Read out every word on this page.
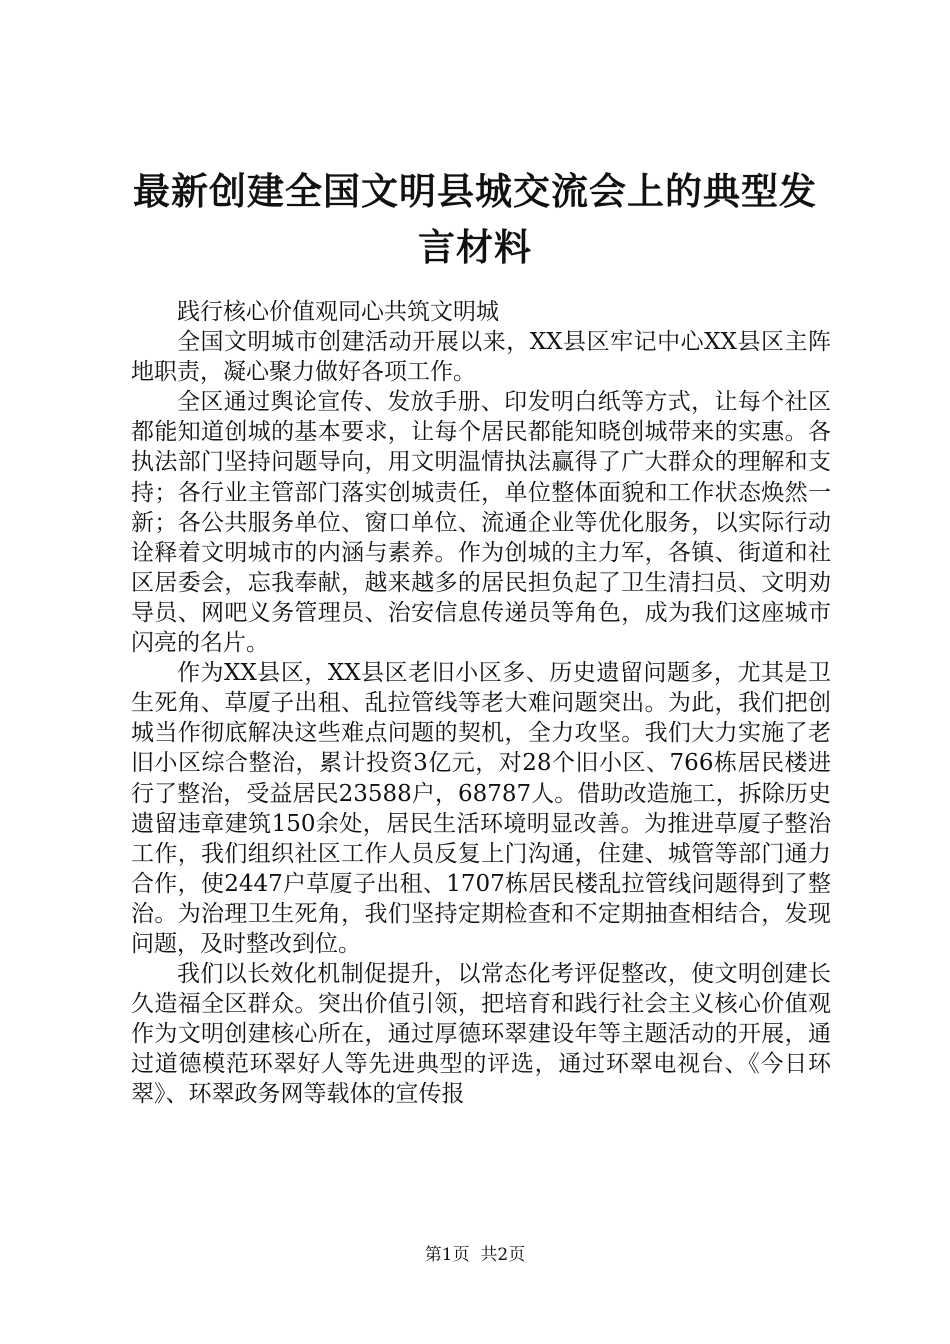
最新创建全国文明县城交流会上的典型发言材料

践行核心价值观同心共筑文明城

全国文明城市创建活动开展以来，XX县区牢记中心XX县区主阵地职责，凝心聚力做好各项工作。

全区通过舆论宣传、发放手册、印发明白纸等方式，让每个社区都能知道创城的基本要求，让每个居民都能知晓创城带来的实惠。各执法部门坚持问题导向，用文明温情执法赢得了广大群众的理解和支持；各行业主管部门落实创城责任，单位整体面貌和工作状态焕然一新；各公共服务单位、窗口单位、流通企业等优化服务，以实际行动诠释着文明城市的内涵与素养。作为创城的主力军，各镇、街道和社区居委会，忘我奉献，越来越多的居民担负起了卫生清扫员、文明劝导员、网吧义务管理员、治安信息传递员等角色，成为我们这座城市闪亮的名片。

作为XX县区，XX县区老旧小区多、历史遗留问题多，尤其是卫生死角、草厦子出租、乱拉管线等老大难问题突出。为此，我们把创城当作彻底解决这些难点问题的契机，全力攻坚。我们大力实施了老旧小区综合整治，累计投资3亿元，对28个旧小区、766栋居民楼进行了整治，受益居民23588户，68787人。借助改造施工，拆除历史遗留违章建筑150余处，居民生活环境明显改善。为推进草厦子整治工作，我们组织社区工作人员反复上门沟通，住建、城管等部门通力合作，使2447户草厦子出租、1707栋居民楼乱拉管线问题得到了整治。为治理卫生死角，我们坚持定期检查和不定期抽查相结合，发现问题，及时整改到位。

我们以长效化机制促提升，以常态化考评促整改，使文明创建长久造福全区群众。突出价值引领，把培育和践行社会主义核心价值观作为文明创建核心所在，通过厚德环翠建设年等主题活动的开展，通过道德模范环翠好人等先进典型的评选，通过环翠电视台、《今日环翠》、环翠政务网等载体的宣传报

第1页  共2页
